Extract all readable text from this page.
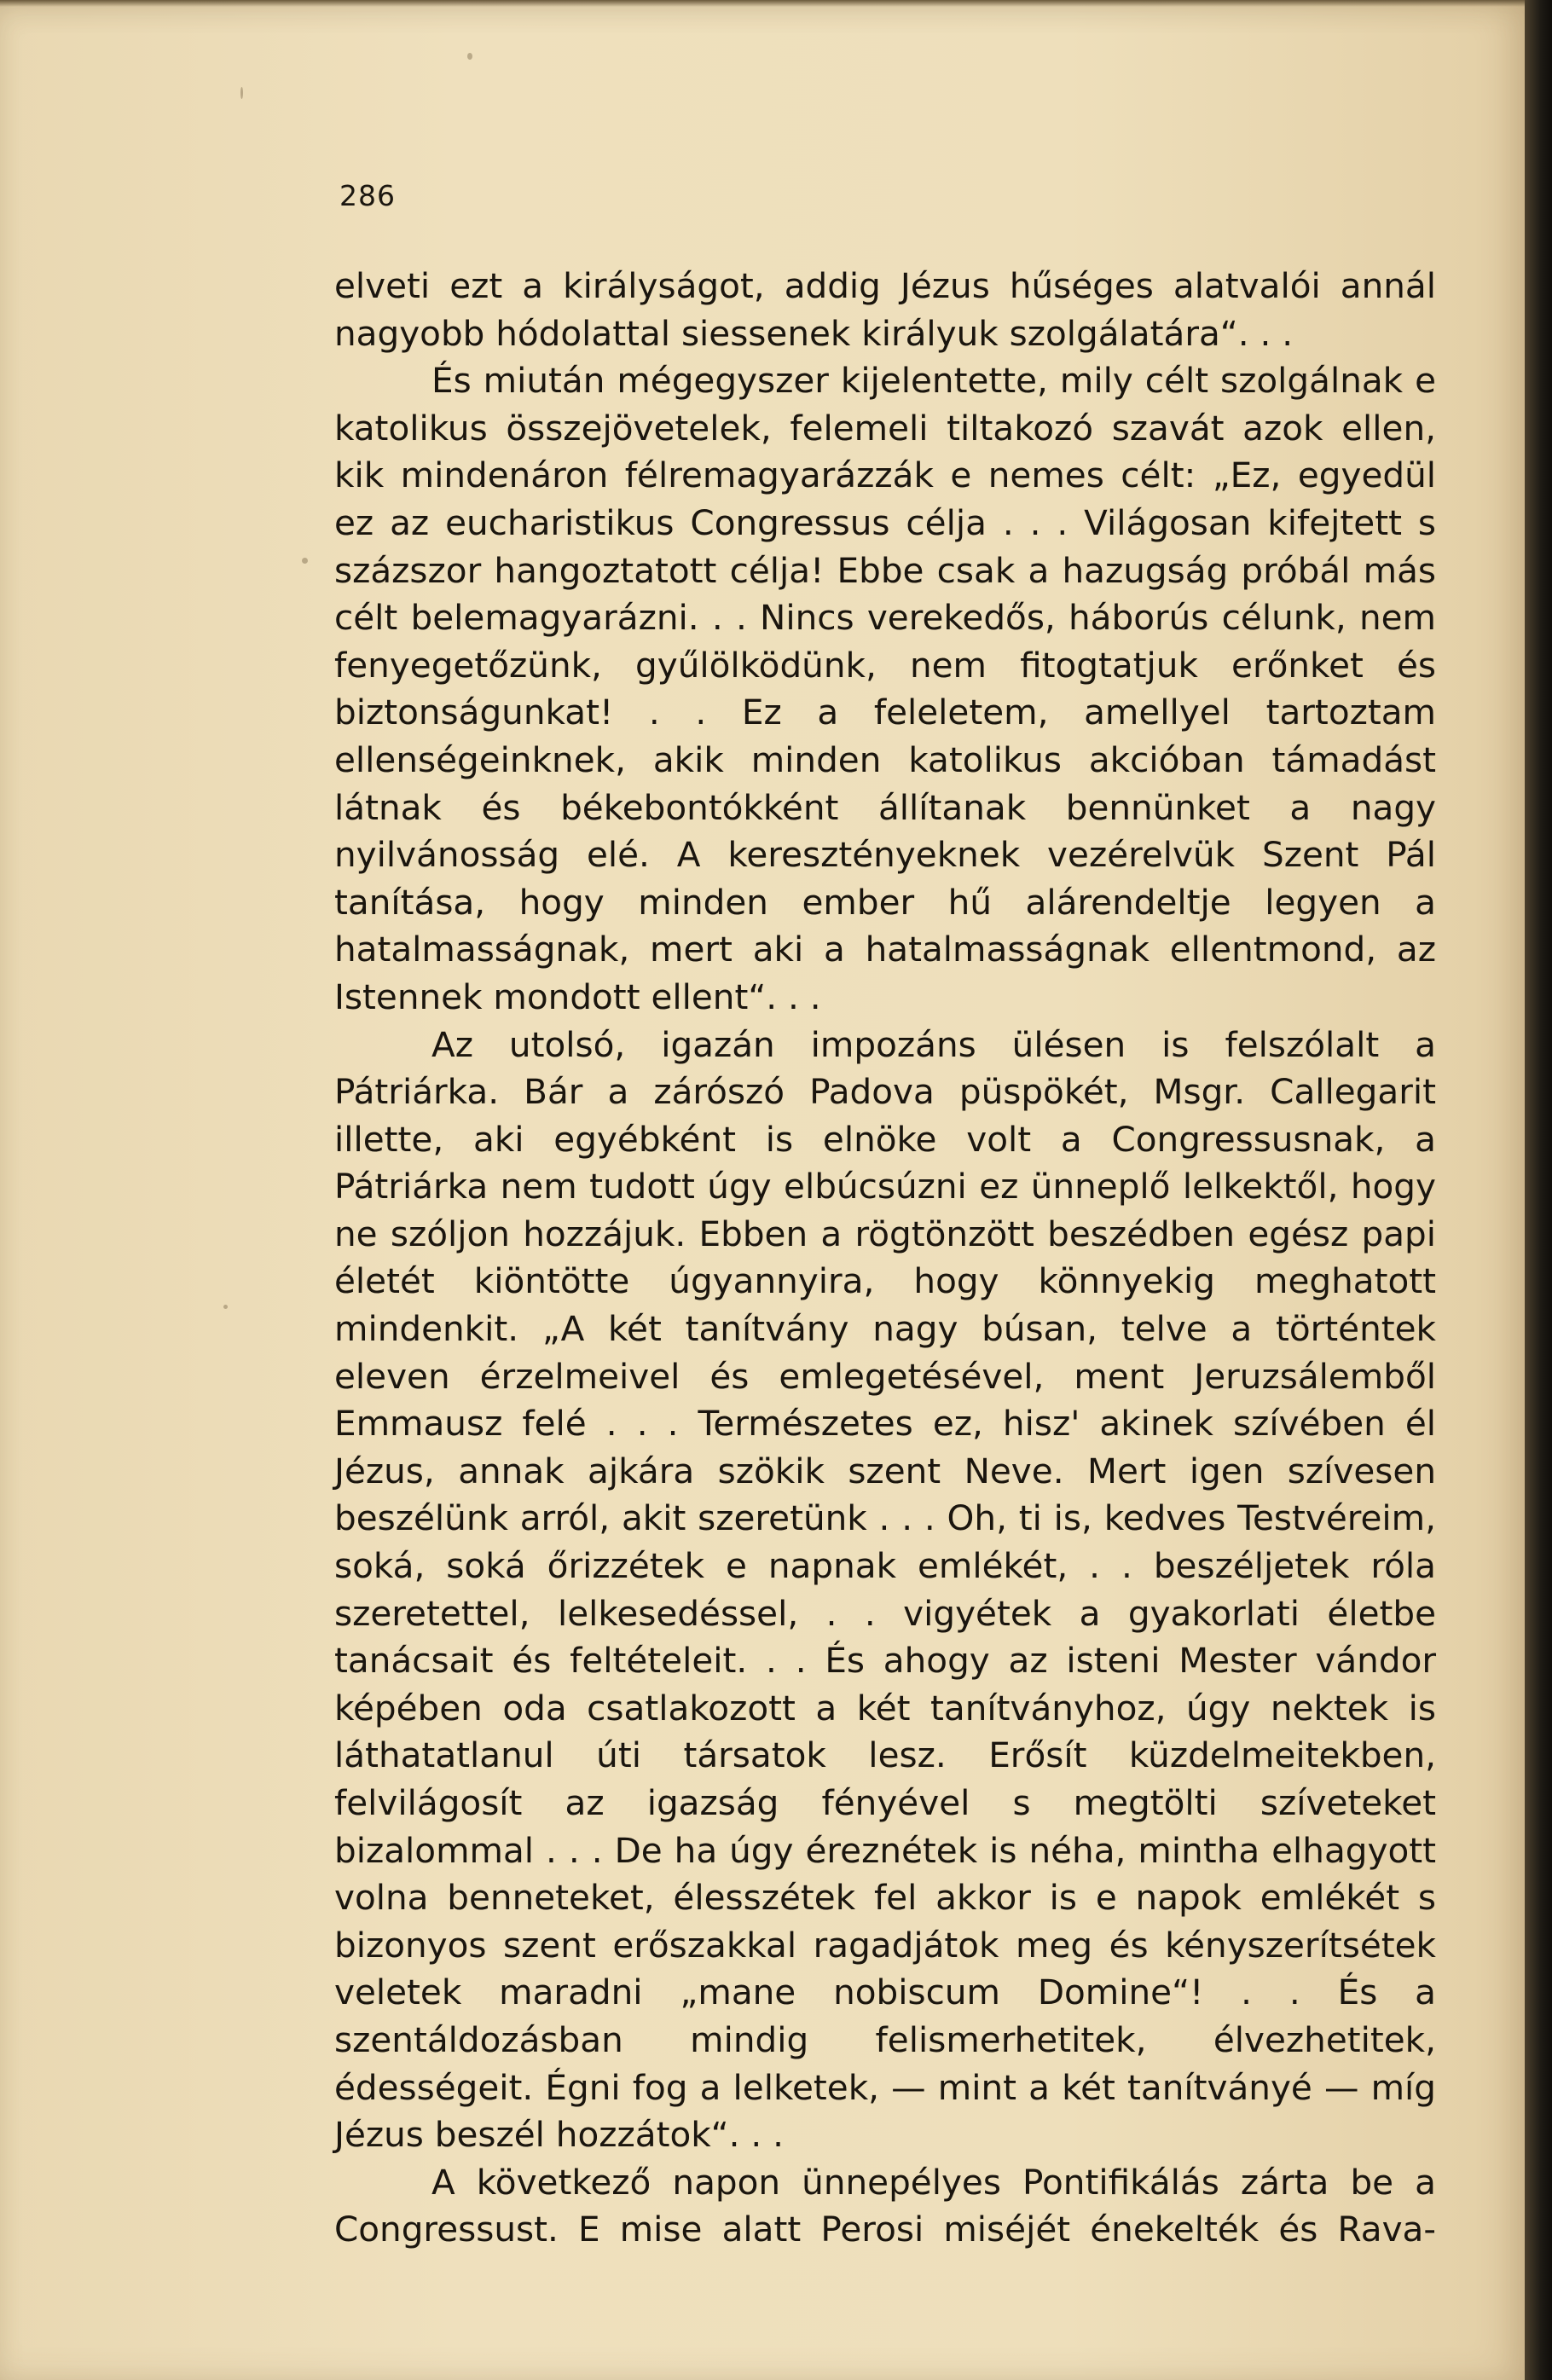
286

elveti ezt a királyságot, addig Jézus hűséges alatvalói annál nagyobb hódolattal siessenek királyuk szolgálatára“. . .

És miután mégegyszer kijelentette, mily célt szolgálnak e katolikus összejövetelek, felemeli tiltakozó szavát azok ellen, kik mindenáron félremagyarázzák e nemes célt: „Ez, egyedül ez az eucharistikus Congressus célja . . . Világosan kifejtett s százszor hangoztatott célja! Ebbe csak a hazugság próbál más célt belemagyarázni. . . Nincs verekedős, háborús célunk, nem fenyegetőzünk, gyűlölködünk, nem fitogtatjuk erőnket és biztonságunkat! . . Ez a feleletem, amellyel tartoztam ellenségeinknek, akik minden katolikus akcióban támadást látnak és békebontókként állítanak bennünket a nagy nyilvánosság elé. A keresztényeknek vezérelvük Szent Pál tanítása, hogy minden ember hű alárendeltje legyen a hatalmasságnak, mert aki a hatalmasságnak ellentmond, az Istennek mondott ellent“. . .

Az utolsó, igazán impozáns ülésen is felszólalt a Pátriárka. Bár a zárószó Padova püspökét, Msgr. Callegarit illette, aki egyébként is elnöke volt a Congressusnak, a Pátriárka nem tudott úgy elbúcsúzni ez ünneplő lelkektől, hogy ne szóljon hozzájuk. Ebben a rögtönzött beszédben egész papi életét kiöntötte úgyannyira, hogy könnyekig meghatott mindenkit. „A két tanítvány nagy búsan, telve a történtek eleven érzelmeivel és emlegetésével, ment Jeruzsálemből Emmausz felé . . . Természetes ez, hisz' akinek szívében él Jézus, annak ajkára szökik szent Neve. Mert igen szívesen beszélünk arról, akit szeretünk . . . Oh, ti is, kedves Testvéreim, soká, soká őrizzétek e napnak emlékét, . . beszéljetek róla szeretettel, lelkesedéssel, . . vigyétek a gyakorlati életbe tanácsait és feltételeit. . . És ahogy az isteni Mester vándor képében oda csatlakozott a két tanítványhoz, úgy nektek is láthatatlanul úti társatok lesz. Erősít küzdelmeitekben, felvilágosít az igazság fényével s megtölti szíveteket bizalommal . . . De ha úgy éreznétek is néha, mintha elhagyott volna benneteket, élesszétek fel akkor is e napok emlékét s bizonyos szent erőszakkal ragadjátok meg és kényszerítsétek veletek maradni „mane nobiscum Domine“! . . És a szentáldozásban mindig felismerhetitek, élvezhetitek, édességeit. Égni fog a lelketek, — mint a két tanítványé — míg Jézus beszél hozzátok“. . .

A következő napon ünnepélyes Pontifikálás zárta be a Congressust. E mise alatt Perosi miséjét énekelték és Rava-
